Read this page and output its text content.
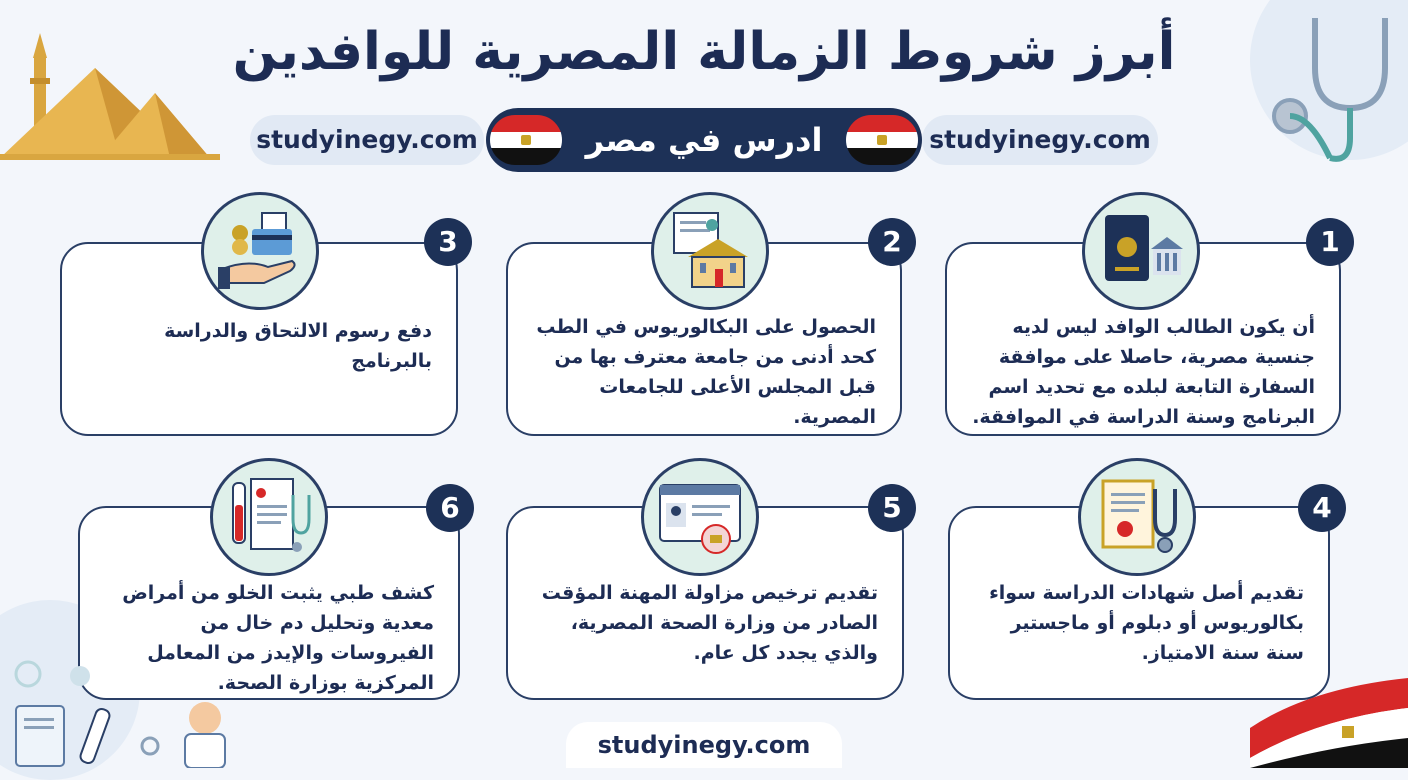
أبرز شروط الزمالة المصرية للوافدين
studyinegy.com	studyinegy.com
ادرس في مصر
أن يكون الطالب الوافد ليس لديه جنسية مصرية، حاصلا على موافقة السفارة التابعة لبلده مع تحديد اسم البرنامج وسنة الدراسة في الموافقة.
1
الحصول على البكالوريوس في الطب كحد أدنى من جامعة معترف بها من قبل المجلس الأعلى للجامعات المصرية.
2
دفع رسوم الالتحاق والدراسة بالبرنامج
3
تقديم أصل شهادات الدراسة سواء بكالوريوس أو دبلوم أو ماجستير سنة سنة الامتياز.
4
تقديم ترخيص مزاولة المهنة المؤقت الصادر من وزارة الصحة المصرية، والذي يجدد كل عام.
5
كشف طبي يثبت الخلو من أمراض معدية وتحليل دم خال من الفيروسات والإيدز من المعامل المركزية بوزارة الصحة.
6
studyinegy.com
